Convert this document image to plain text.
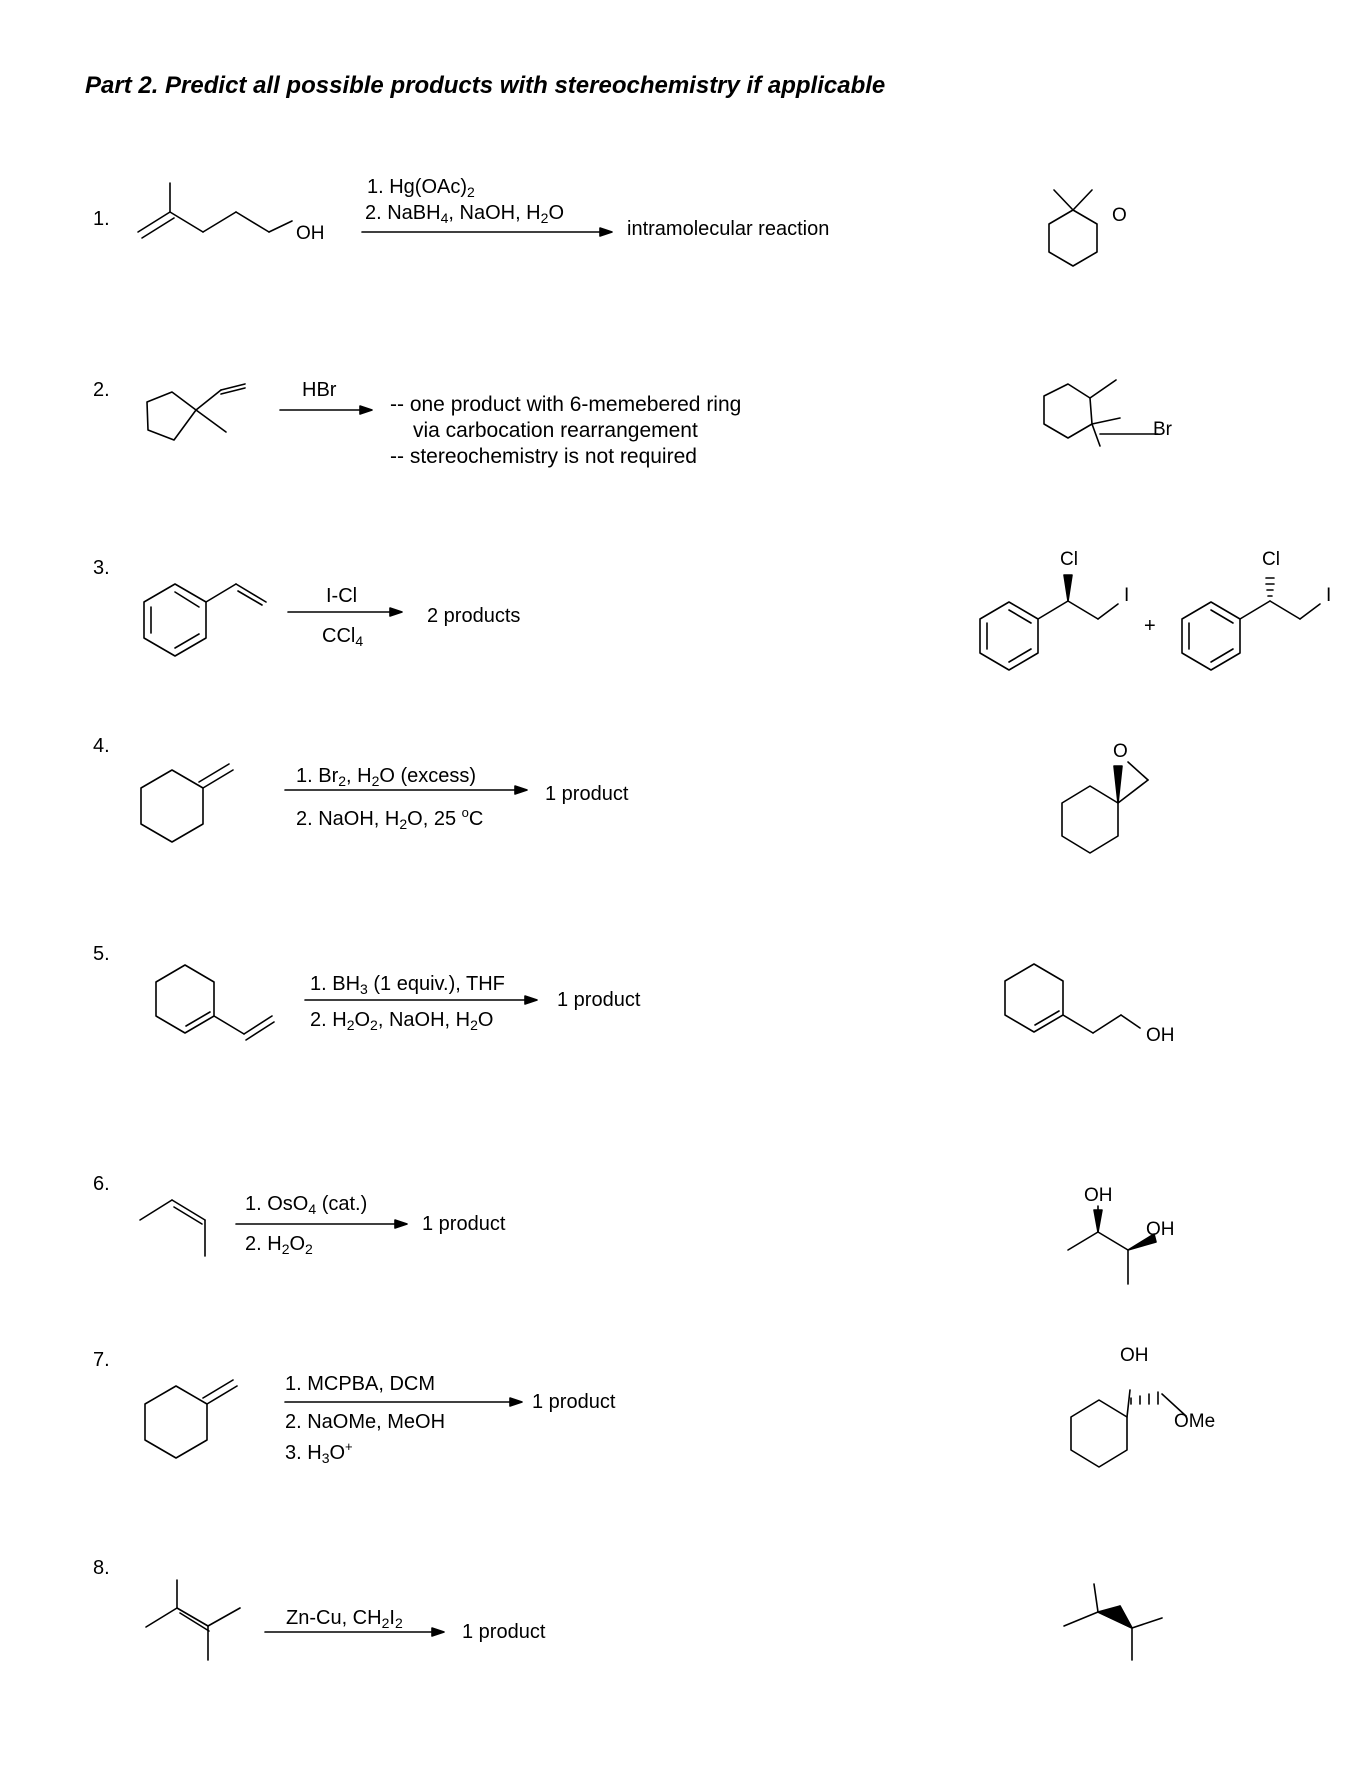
Part 2. Predict all possible products with stereochemistry if applicable
1.
2.
3.
4.
5.
6.
7.
8.
OH
1. $Hg(OAc)_2$
2. NaBH$_4$, NaOH, $H_2O$
intramolecular reaction
O
HBr
-- one product with 6-memebered ring
via carbocation rearrangement
-- stereochemistry is not required
Br
I-Cl
CCl$_4$
2 products
Cl
I
+
Cl
I
1. $Br_2$, $H_2O$ (excess)
2. NaOH, $H_2O$, 25 $^o$C
1 product
O
1. $BH_3$ (1 equiv.), THF
2. $H_2O_2$, NaOH, $H_2O$
1 product
OH
1. OsO$_4$ (cat.)
2. $H_2O_2$
1 product
OH
OH
1. MCPBA, DCM
2. NaOMe, MeOH
3. $H_3O^+$
1 product
OH
OMe
Zn-Cu, $CH_2I_2$	1 product
